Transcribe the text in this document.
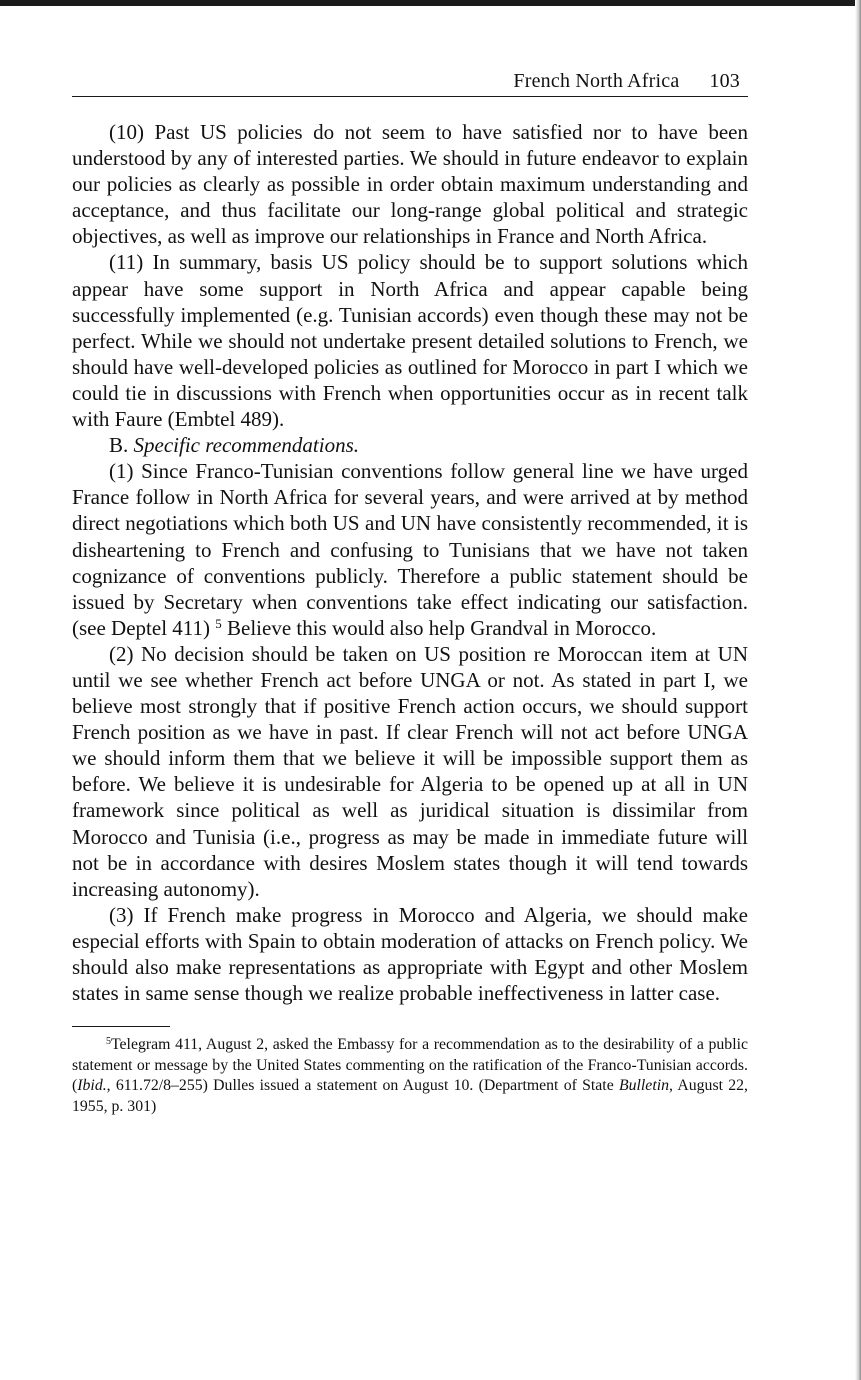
French North Africa 103

(10) Past US policies do not seem to have satisfied nor to have been understood by any of interested parties. We should in future endeavor to explain our policies as clearly as possible in order obtain maximum understanding and acceptance, and thus facilitate our long-range global political and strategic objectives, as well as improve our relationships in France and North Africa.

(11) In summary, basis US policy should be to support solutions which appear have some support in North Africa and appear capable being successfully implemented (e.g. Tunisian accords) even though these may not be perfect. While we should not undertake present detailed solutions to French, we should have well-developed policies as outlined for Morocco in part I which we could tie in discussions with French when opportunities occur as in recent talk with Faure (Embtel 489).

B. Specific recommendations.

(1) Since Franco-Tunisian conventions follow general line we have urged France follow in North Africa for several years, and were arrived at by method direct negotiations which both US and UN have consistently recommended, it is disheartening to French and confusing to Tunisians that we have not taken cognizance of conventions publicly. Therefore a public statement should be issued by Secretary when conventions take effect indicating our satisfaction. (see Deptel 411) $^5$ Believe this would also help Grandval in Morocco.

(2) No decision should be taken on US position re Moroccan item at UN until we see whether French act before UNGA or not. As stated in part I, we believe most strongly that if positive French action occurs, we should support French position as we have in past. If clear French will not act before UNGA we should inform them that we believe it will be impossible support them as before. We believe it is undesirable for Algeria to be opened up at all in UN framework since political as well as juridical situation is dissimilar from Morocco and Tunisia (i.e., progress as may be made in immediate future will not be in accordance with desires Moslem states though it will tend towards increasing autonomy).

(3) If French make progress in Morocco and Algeria, we should make especial efforts with Spain to obtain moderation of attacks on French policy. We should also make representations as appropriate with Egypt and other Moslem states in same sense though we realize probable ineffectiveness in latter case.

$^5$Telegram 411, August 2, asked the Embassy for a recommendation as to the desirability of a public statement or message by the United States commenting on the ratification of the Franco-Tunisian accords. (Ibid., 611.72/8–255) Dulles issued a statement on August 10. (Department of State Bulletin, August 22, 1955, p. 301)
